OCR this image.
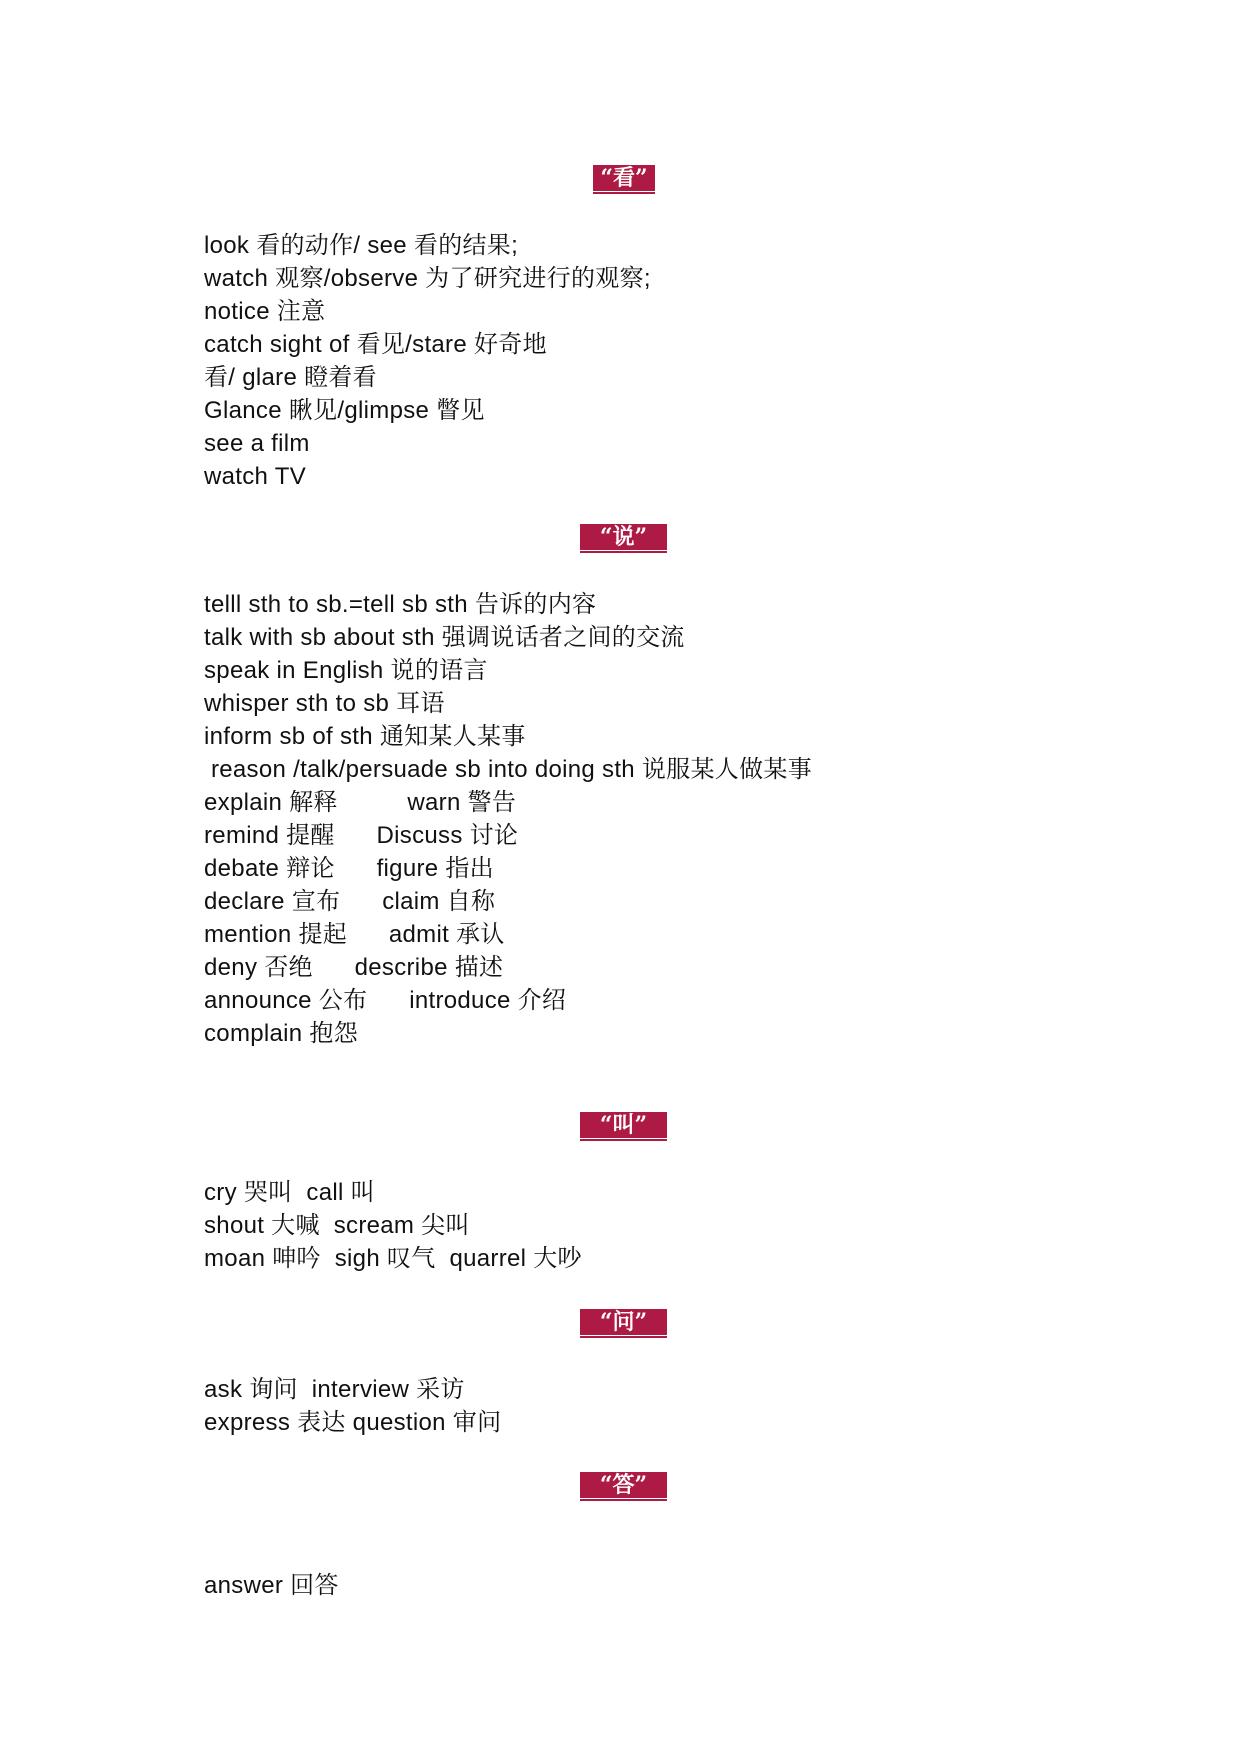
“看”
look 看的动作/ see 看的结果;
watch 观察/observe 为了研究进行的观察;
notice 注意
catch sight of 看见/stare 好奇地
看/ glare 瞪着看
Glance 瞅见/glimpse 瞥见
see a film
watch TV
“说”
telll sth to sb.=tell sb sth 告诉的内容
talk with sb about sth 强调说话者之间的交流
speak in English 说的语言
whisper sth to sb 耳语
inform sb of sth 通知某人某事
reason /talk/persuade sb into doing sth 说服某人做某事
explain 解释          warn 警告
remind 提醒      Discuss 讨论
debate 辩论      figure 指出
declare 宣布      claim 自称
mention 提起      admit 承认
deny 否绝      describe 描述
announce 公布      introduce 介绍
complain 抱怨
“叫”
cry 哭叫  call 叫
shout 大喊  scream 尖叫
moan 呻吟  sigh 叹气  quarrel 大吵
“问”
ask 询问  interview 采访
express 表达 question 审问
“答”
answer 回答
